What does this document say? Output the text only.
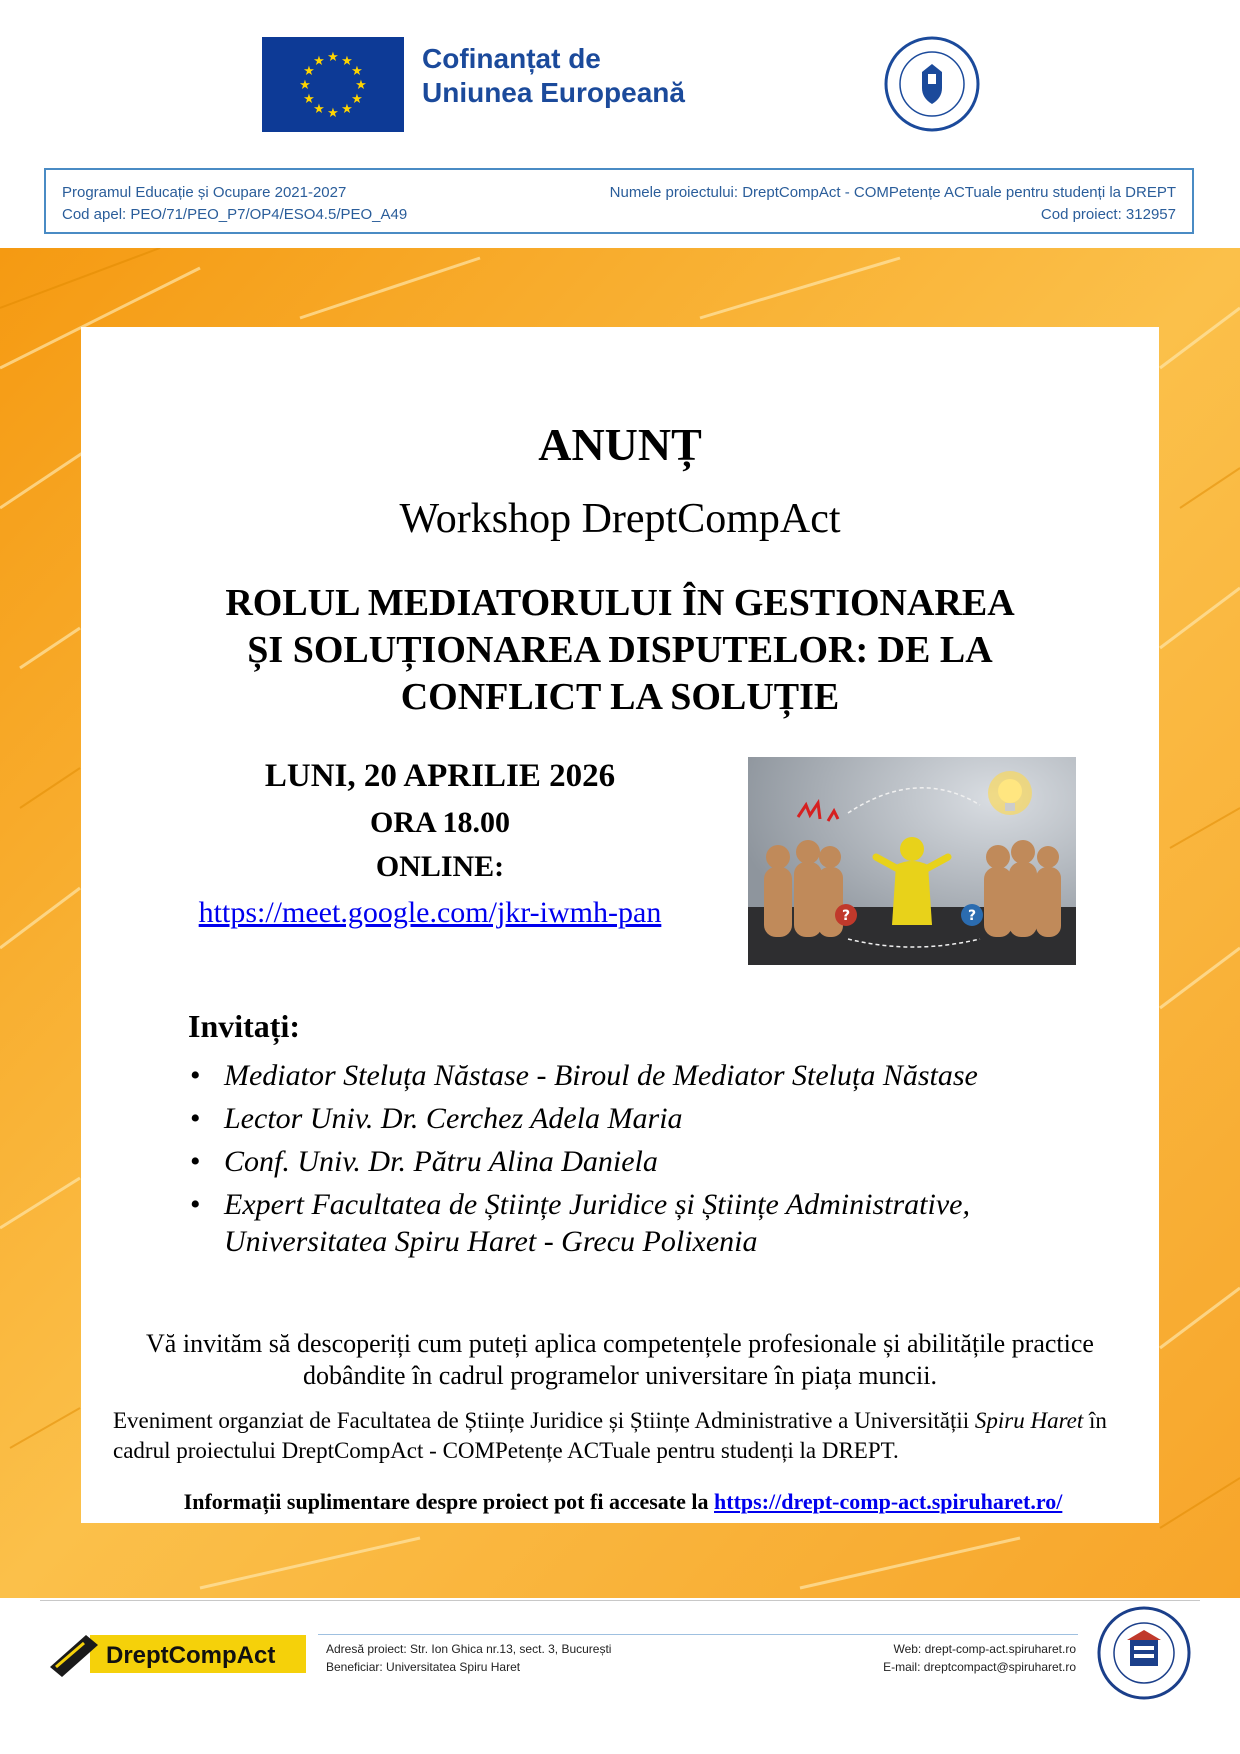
★ ★
★
★
★
★
★
★
★
★
★
★	Cofinanțat de
Uniunea Europeană
Programul Educație și Ocupare 2021-2027
Cod apel: PEO/71/PEO_P7/OP4/ESO4.5/PEO_A49
Numele proiectului: DreptCompAct - COMPetențe ACTuale pentru studenți la DREPT
Cod proiect: 312957
ANUNȚ
Workshop DreptCompAct
ROLUL MEDIATORULUI ÎN GESTIONAREA
ȘI SOLUȚIONAREA DISPUTELOR: DE LA
CONFLICT LA SOLUȚIE
LUNI, 20 APRILIE 2026
ORA 18.00
ONLINE:
https://meet.google.com/jkr-iwmh-pan	?	?
Invitați:
• Mediator Steluța Năstase - Biroul de Mediator Steluța Năstase
• Lector Univ. Dr. Cerchez Adela Maria
• Conf. Univ. Dr. Pătru Alina Daniela
• Expert Facultatea de Științe Juridice și Științe Administrative, Universitatea Spiru Haret - Grecu Polixenia
Vă invităm să descoperiți cum puteți aplica competențele profesionale și abilitățile practice dobândite în cadrul programelor universitare în piața muncii.
Eveniment organziat de Facultatea de Științe Juridice și Științe Administrative a Universității Spiru Haret în cadrul proiectului DreptCompAct - COMPetențe ACTuale pentru studenți la DREPT.
Informații suplimentare despre proiect pot fi accesate la https://drept-comp-act.spiruharet.ro/
DreptCompAct	Adresă proiect: Str. Ion Ghica nr.13, sect. 3, București
Beneficiar: Universitatea Spiru Haret
Web: drept-comp-act.spiruharet.ro
E-mail: dreptcompact@spiruharet.ro
